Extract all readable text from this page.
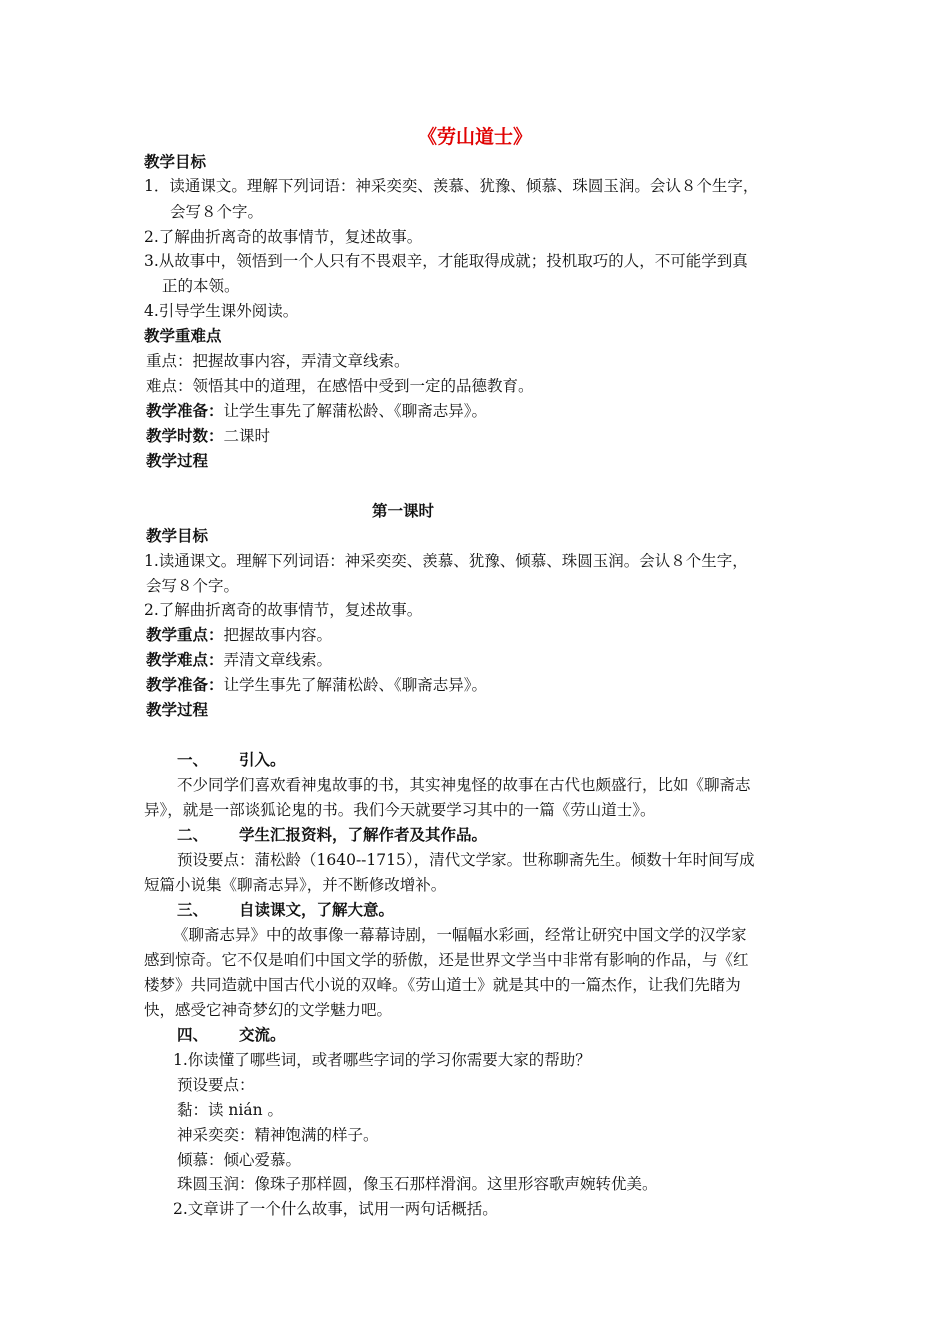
《劳山道士》
教学目标
1．读通课文。理解下列词语：神采奕奕、羡慕、犹豫、倾慕、珠圆玉润。会认８个生字，
会写８个字。
2.了解曲折离奇的故事情节，复述故事。
3.从故事中，领悟到一个人只有不畏艰辛，才能取得成就；投机取巧的人，不可能学到真
正的本领。
4.引导学生课外阅读。
教学重难点
重点：把握故事内容，弄清文章线索。
难点：领悟其中的道理，在感悟中受到一定的品德教育。
教学准备：让学生事先了解蒲松龄、《聊斋志异》。
教学时数：二课时
教学过程
第一课时
教学目标
1.读通课文。理解下列词语：神采奕奕、羡慕、犹豫、倾慕、珠圆玉润。会认８个生字，
会写８个字。
2.了解曲折离奇的故事情节，复述故事。
教学重点：把握故事内容。
教学难点：弄清文章线索。
教学准备：让学生事先了解蒲松龄、《聊斋志异》。
教学过程
一、 引入。
不少同学们喜欢看神鬼故事的书，其实神鬼怪的故事在古代也颇盛行，比如《聊斋志
异》，就是一部谈狐论鬼的书。我们今天就要学习其中的一篇《劳山道士》。
二、 学生汇报资料，了解作者及其作品。
预设要点：蒲松龄（1640--1715），清代文学家。世称聊斋先生。倾数十年时间写成
短篇小说集《聊斋志异》，并不断修改增补。
三、 自读课文，了解大意。
《聊斋志异》中的故事像一幕幕诗剧，一幅幅水彩画，经常让研究中国文学的汉学家
感到惊奇。它不仅是咱们中国文学的骄傲，还是世界文学当中非常有影响的作品，与《红
楼梦》共同造就中国古代小说的双峰。《劳山道士》就是其中的一篇杰作，让我们先睹为
快，感受它神奇梦幻的文学魅力吧。
四、 交流。
1.你读懂了哪些词，或者哪些字词的学习你需要大家的帮助？
预设要点：
黏：读 nián 。
神采奕奕：精神饱满的样子。
倾慕：倾心爱慕。
珠圆玉润：像珠子那样圆，像玉石那样滑润。这里形容歌声婉转优美。
2.文章讲了一个什么故事，试用一两句话概括。
